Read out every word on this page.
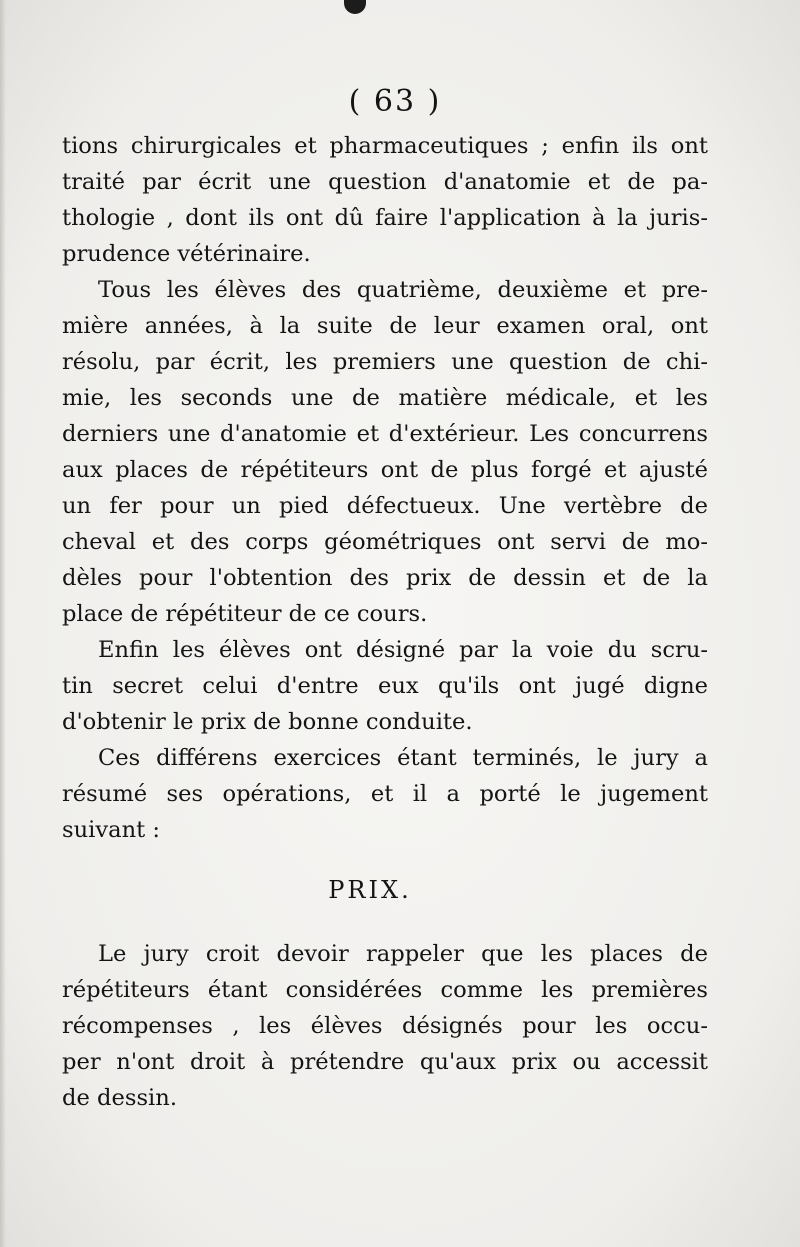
( 63 )
tions chirurgicales et pharmaceutiques ; enfin ils ont
traité par écrit une question d'anatomie et de pa-
thologie , dont ils ont dû faire l'application à la juris-
prudence vétérinaire.
Tous les élèves des quatrième, deuxième et pre-
mière années, à la suite de leur examen oral, ont
résolu, par écrit, les premiers une question de chi-
mie, les seconds une de matière médicale, et les
derniers une d'anatomie et d'extérieur. Les concurrens
aux places de répétiteurs ont de plus forgé et ajusté
un fer pour un pied défectueux. Une vertèbre de
cheval et des corps géométriques ont servi de mo-
dèles pour l'obtention des prix de dessin et de la
place de répétiteur de ce cours.
Enfin les élèves ont désigné par la voie du scru-
tin secret celui d'entre eux qu'ils ont jugé digne
d'obtenir le prix de bonne conduite.
Ces différens exercices étant terminés, le jury a
résumé ses opérations, et il a porté le jugement
suivant :
PRIX.
Le jury croit devoir rappeler que les places de
répétiteurs étant considérées comme les premières
récompenses , les élèves désignés pour les occu-
per n'ont droit à prétendre qu'aux prix ou accessit
de dessin.
